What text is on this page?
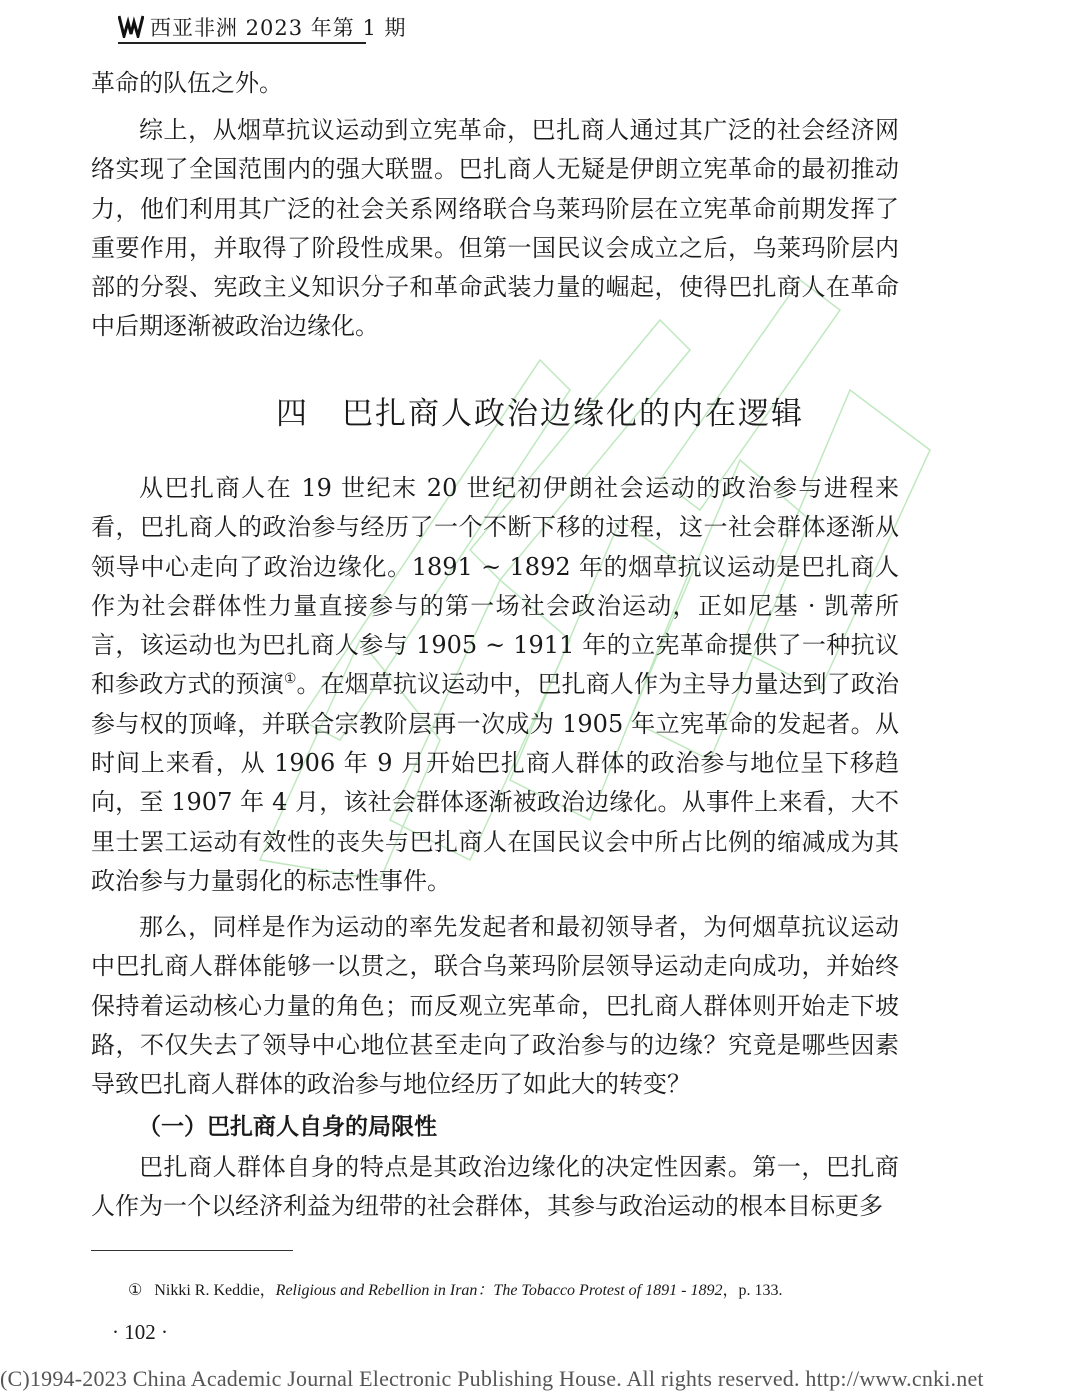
西亚非洲 2023 年第 1 期

革命的队伍之外。

综上，从烟草抗议运动到立宪革命，巴扎商人通过其广泛的社会经济网络实现了全国范围内的强大联盟。巴扎商人无疑是伊朗立宪革命的最初推动力，他们利用其广泛的社会关系网络联合乌莱玛阶层在立宪革命前期发挥了重要作用，并取得了阶段性成果。但第一国民议会成立之后，乌莱玛阶层内部的分裂、宪政主义知识分子和革命武装力量的崛起，使得巴扎商人在革命中后期逐渐被政治边缘化。

四　巴扎商人政治边缘化的内在逻辑

从巴扎商人在 19 世纪末 20 世纪初伊朗社会运动的政治参与进程来看，巴扎商人的政治参与经历了一个不断下移的过程，这一社会群体逐渐从领导中心走向了政治边缘化。1891 ~ 1892 年的烟草抗议运动是巴扎商人作为社会群体性力量直接参与的第一场社会政治运动，正如尼基 · 凯蒂所言，该运动也为巴扎商人参与 1905 ~ 1911 年的立宪革命提供了一种抗议和参政方式的预演①。在烟草抗议运动中，巴扎商人作为主导力量达到了政治参与权的顶峰，并联合宗教阶层再一次成为 1905 年立宪革命的发起者。从时间上来看，从 1906 年 9 月开始巴扎商人群体的政治参与地位呈下移趋向，至 1907 年 4 月，该社会群体逐渐被政治边缘化。从事件上来看，大不里士罢工运动有效性的丧失与巴扎商人在国民议会中所占比例的缩减成为其政治参与力量弱化的标志性事件。

那么，同样是作为运动的率先发起者和最初领导者，为何烟草抗议运动中巴扎商人群体能够一以贯之，联合乌莱玛阶层领导运动走向成功，并始终保持着运动核心力量的角色；而反观立宪革命，巴扎商人群体则开始走下坡路，不仅失去了领导中心地位甚至走向了政治参与的边缘？究竟是哪些因素导致巴扎商人群体的政治参与地位经历了如此大的转变？

（一）巴扎商人自身的局限性

巴扎商人群体自身的特点是其政治边缘化的决定性因素。第一，巴扎商人作为一个以经济利益为纽带的社会群体，其参与政治运动的根本目标更多

① Nikki R. Keddie，Religious and Rebellion in Iran：The Tobacco Protest of 1891 - 1892，p. 133.
· 102 ·
(C)1994-2023 China Academic Journal Electronic Publishing House. All rights reserved. http://www.cnki.net
